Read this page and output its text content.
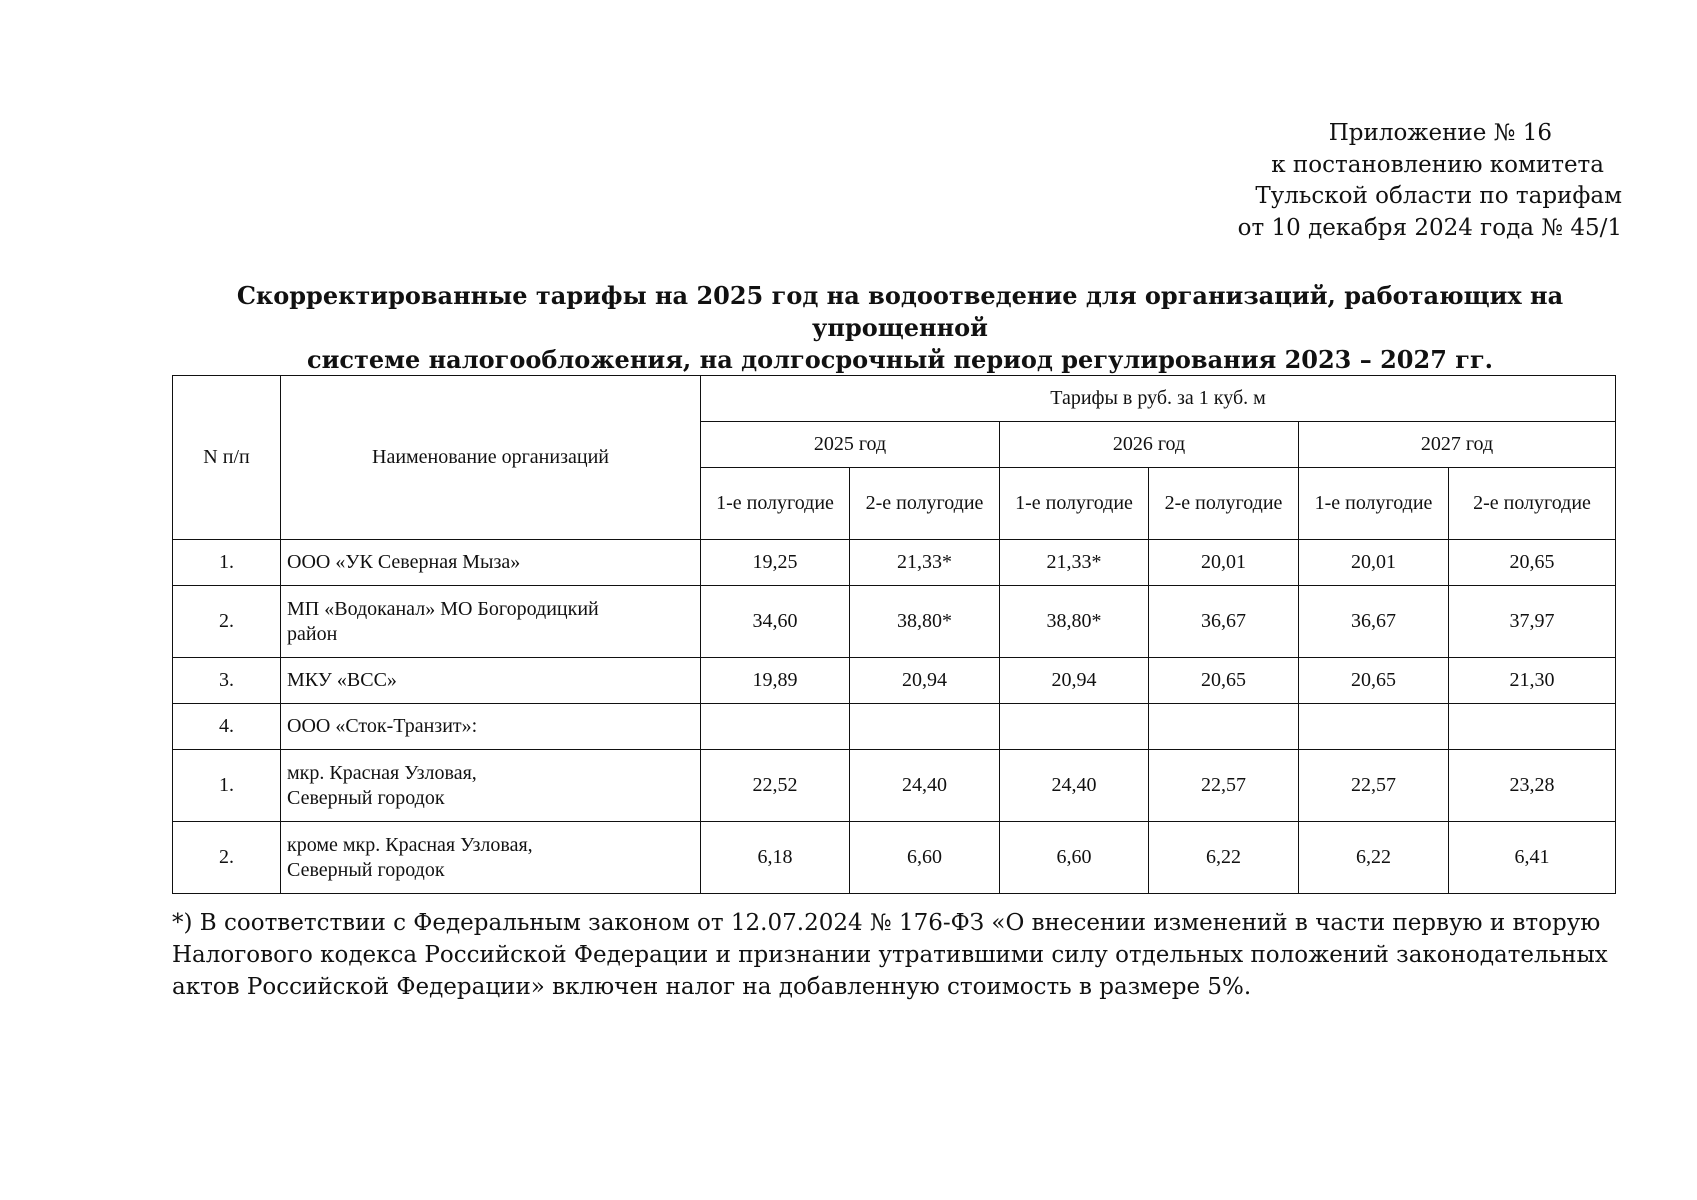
Приложение № 16
к постановлению комитета
Тульской области по тарифам
от 10 декабря 2024 года № 45/1
Скорректированные тарифы на 2025 год на водоотведение для организаций, работающих на упрощенной
системе налогообложения, на долгосрочный период регулирования 2023 – 2027 гг.
N п/п	Наименование организаций	Тарифы в руб. за 1 куб. м					
		2025 год		2026 год		2027 год	
		1-е полугодие	2-е полугодие	1-е полугодие	2-е полугодие	1-е полугодие	2-е полугодие
1.	ООО «УК Северная Мыза»	19,25	21,33*	21,33*	20,01	20,01	20,65
2.	МП «Водоканал» МО Богородицкий
район	34,60	38,80*	38,80*	36,67	36,67	37,97
3.	МКУ «ВСС»	19,89	20,94	20,94	20,65	20,65	21,30
4.	ООО «Сток-Транзит»:						

1.	мкр. Красная Узловая,
Северный городок	22,52	24,40	24,40	22,57	22,57	23,28
2.	кроме мкр. Красная Узловая,
Северный городок	6,18	6,60	6,60	6,22	6,22	6,41
*) В соответствии с Федеральным законом от 12.07.2024 № 176-ФЗ «О внесении изменений в части первую и вторую Налогового кодекса Российской Федерации и признании утратившими силу отдельных положений законодательных актов Российской Федерации» включен налог на добавленную стоимость в размере 5%.
